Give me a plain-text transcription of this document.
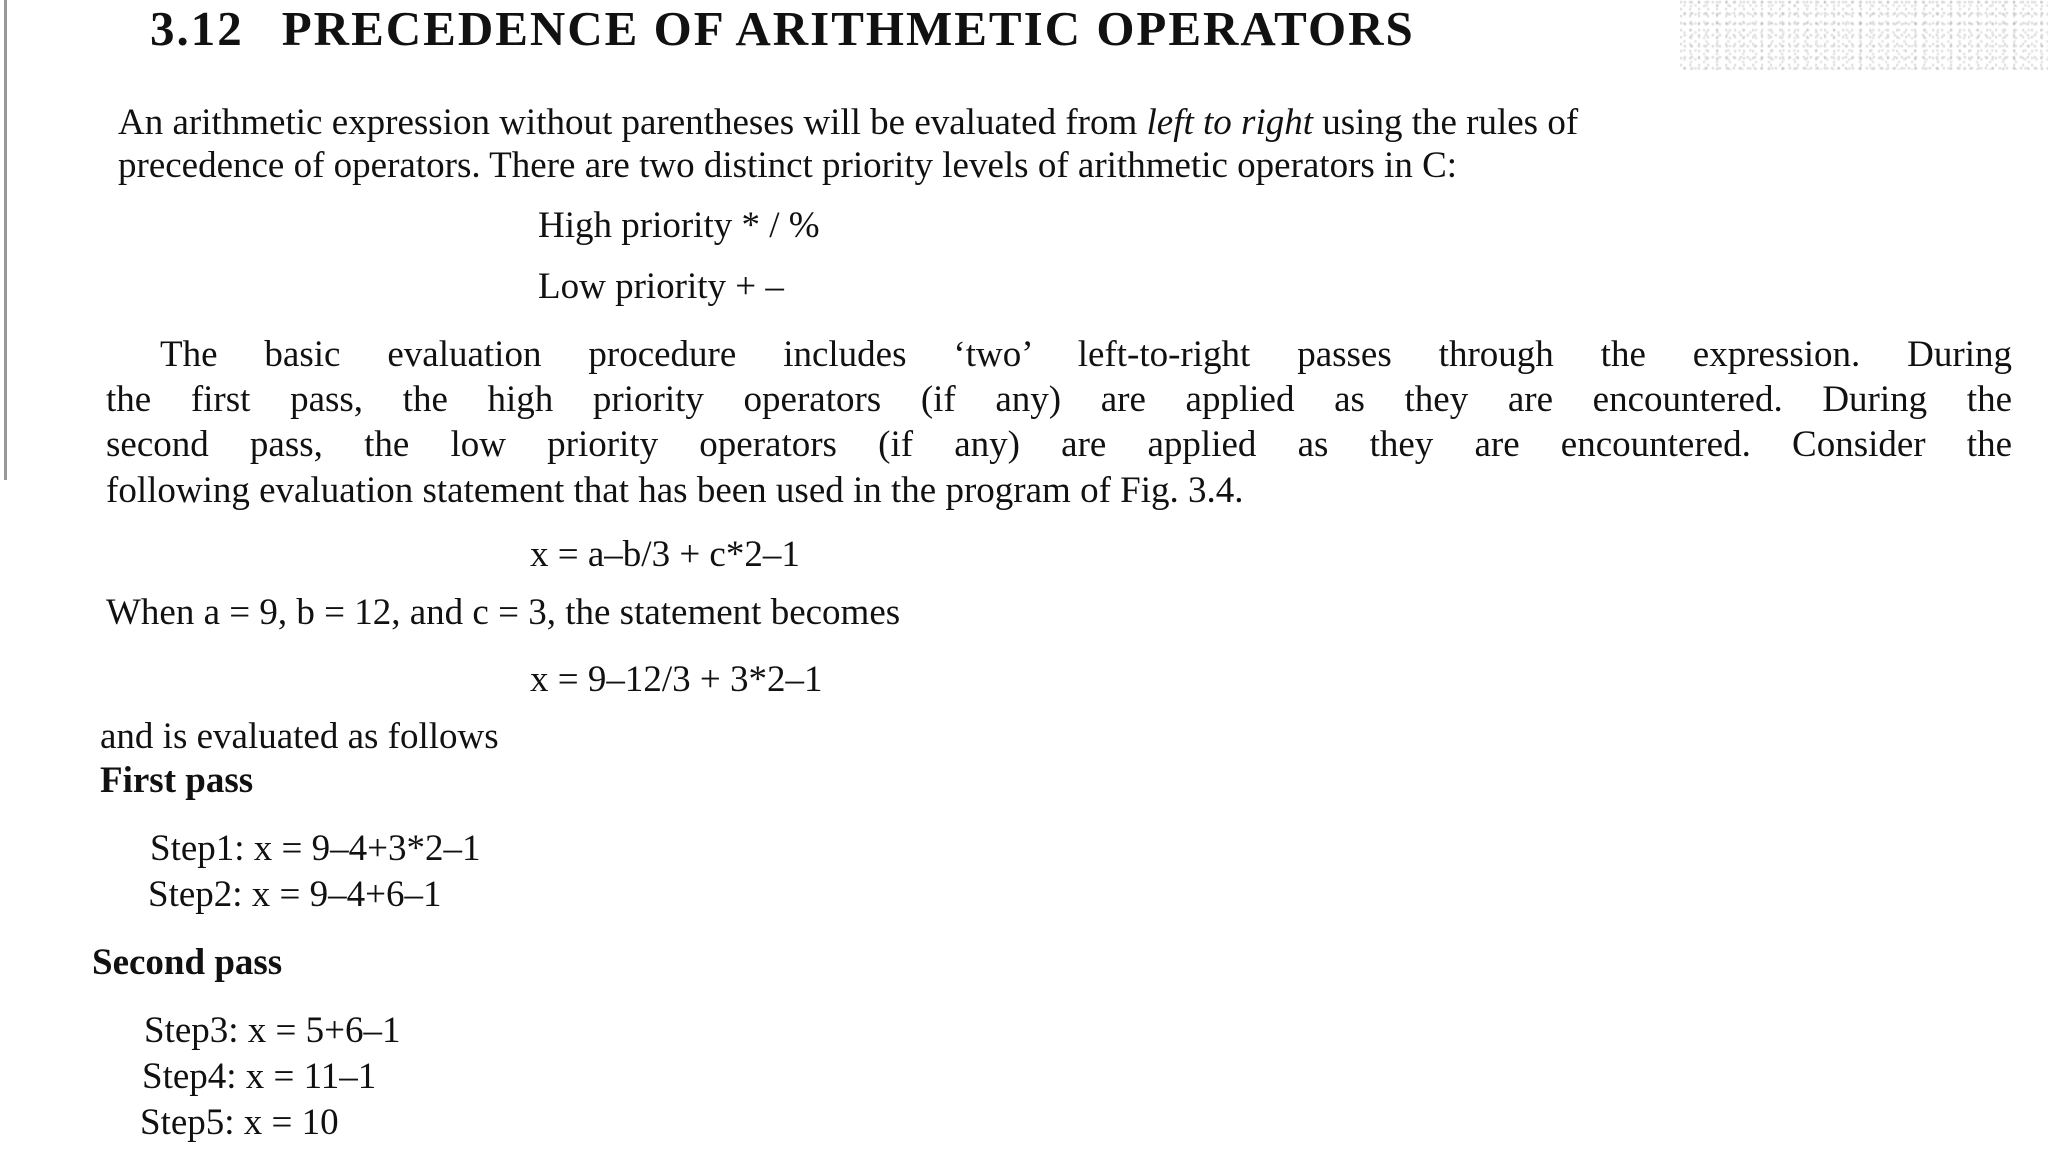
3.12 PRECEDENCE OF ARITHMETIC OPERATORS

An arithmetic expression without parentheses will be evaluated from left to right using the rules of

precedence of operators. There are two distinct priority levels of arithmetic operators in C:

High priority * / %

Low priority + –

The basic evaluation procedure includes ‘two’ left-to-right passes through the expression. During

the first pass, the high priority operators (if any) are applied as they are encountered. During the

second pass, the low priority operators (if any) are applied as they are encountered. Consider the

following evaluation statement that has been used in the program of Fig. 3.4.

x = a–b/3 + c*2–1

When a = 9, b = 12, and c = 3, the statement becomes

x = 9–12/3 + 3*2–1

and is evaluated as follows

First pass

Step1: x = 9–4+3*2–1

Step2: x = 9–4+6–1

Second pass

Step3: x = 5+6–1

Step4: x = 11–1

Step5: x = 10
